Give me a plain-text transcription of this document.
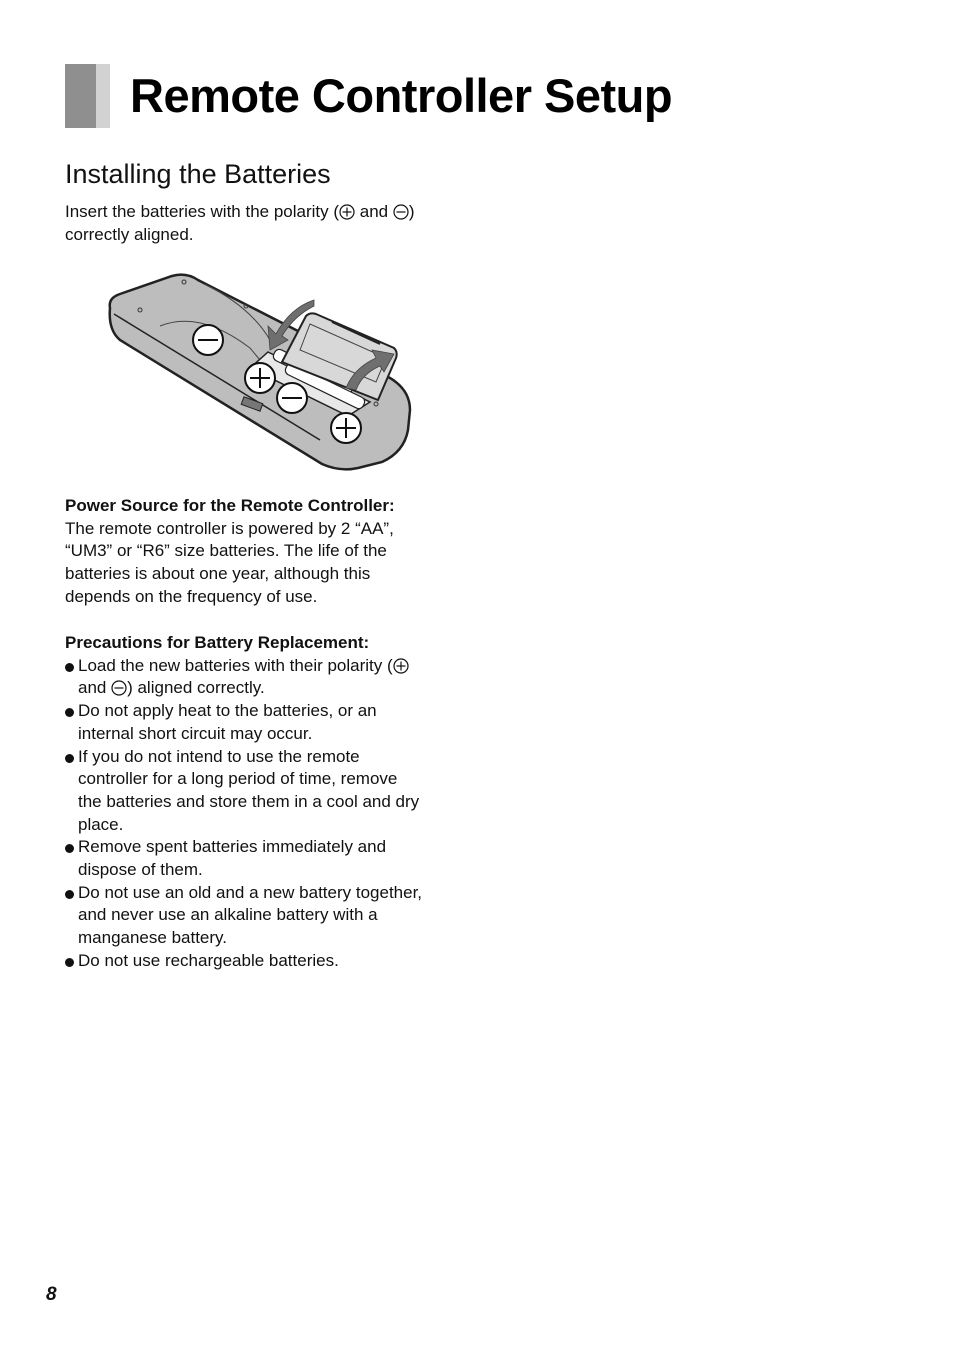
Remote Controller Setup
Installing the Batteries
Insert the batteries with the polarity ( and )
correctly aligned.
Power Source for the Remote Controller:

The remote controller is powered by 2 “AA”,

“UM3” or “R6” size batteries. The life of the

batteries is about one year, although this

depends on the frequency of use.

Precautions for Battery Replacement:
Load the new batteries with their polarity (
and ) aligned correctly.
Do not apply heat to the batteries, or an
internal short circuit may occur.
If you do not intend to use the remote
controller for a long period of time, remove
the batteries and store them in a cool and dry
place.
Remove spent batteries immediately and
dispose of them.
Do not use an old and a new battery together,
and never use an alkaline battery with a
manganese battery.
Do not use rechargeable batteries.
8
